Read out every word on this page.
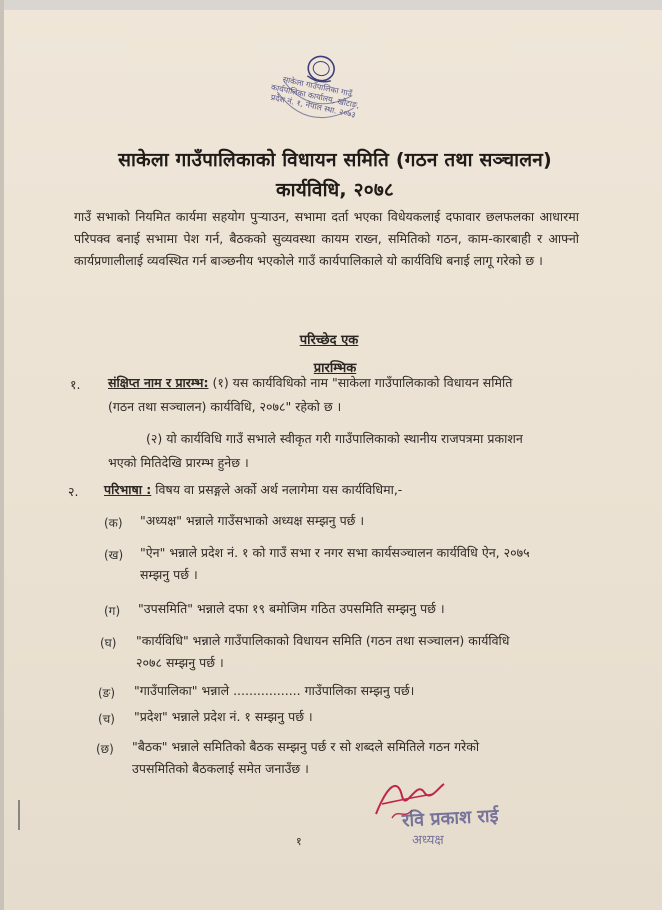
साकेला गाउँपालिका गाउँ कार्यपालिका कार्यालय, खोटाङ, प्रदेश नं. १, नेपाल स्था. २०७३
साकेला गाउँपालिकाको विधायन समिति (गठन तथा सञ्चालन)
कार्यविधि, २०७८
गाउँ सभाको नियमित कार्यमा सहयोग पुऱ्याउन, सभामा दर्ता भएका विधेयकलाई दफावार छलफलका आधारमा परिपक्व बनाई सभामा पेश गर्न, बैठकको सुव्यवस्था कायम राख्न, समितिको गठन, काम-कारबाही र आफ्नो कार्यप्रणालीलाई व्यवस्थित गर्न बाञ्छनीय भएकोले गाउँ कार्यपालिकाले यो कार्यविधि बनाई लागू गरेको छ ।
परिच्छेद एक
प्रारम्भिक
१. संक्षिप्त नाम र प्रारम्भ: (१) यस कार्यविधिको नाम "साकेला गाउँपालिकाको विधायन समिति
(गठन तथा सञ्चालन) कार्यविधि, २०७८" रहेको छ ।
(२) यो कार्यविधि गाउँ सभाले स्वीकृत गरी गाउँपालिकाको स्थानीय राजपत्रमा प्रकाशन
भएको मितिदेखि प्रारम्भ हुनेछ ।
२. परिभाषा : विषय वा प्रसङ्गले अर्को अर्थ नलागेमा यस कार्यविधिमा,-
(क) "अध्यक्ष" भन्नाले गाउँसभाको अध्यक्ष सम्झनु पर्छ ।
(ख) "ऐन" भन्नाले प्रदेश नं. १ को गाउँ सभा र नगर सभा कार्यसञ्चालन कार्यविधि ऐन, २०७५
सम्झनु पर्छ ।
(ग) "उपसमिति" भन्नाले दफा १९ बमोजिम गठित उपसमिति सम्झनु पर्छ ।
(घ) "कार्यविधि" भन्नाले गाउँपालिकाको विधायन समिति (गठन तथा सञ्चालन) कार्यविधि
२०७८ सम्झनु पर्छ ।
(ङ) "गाउँपालिका" भन्नाले ................. गाउँपालिका सम्झनु पर्छ।
(च) "प्रदेश" भन्नाले प्रदेश नं. १ सम्झनु पर्छ ।
(छ) "बैठक" भन्नाले समितिको बैठक सम्झनु पर्छ र सो शब्दले समितिले गठन गरेको
उपसमितिको बैठकलाई समेत जनाउँछ ।
१
रवि प्रकाश राई
अध्यक्ष
